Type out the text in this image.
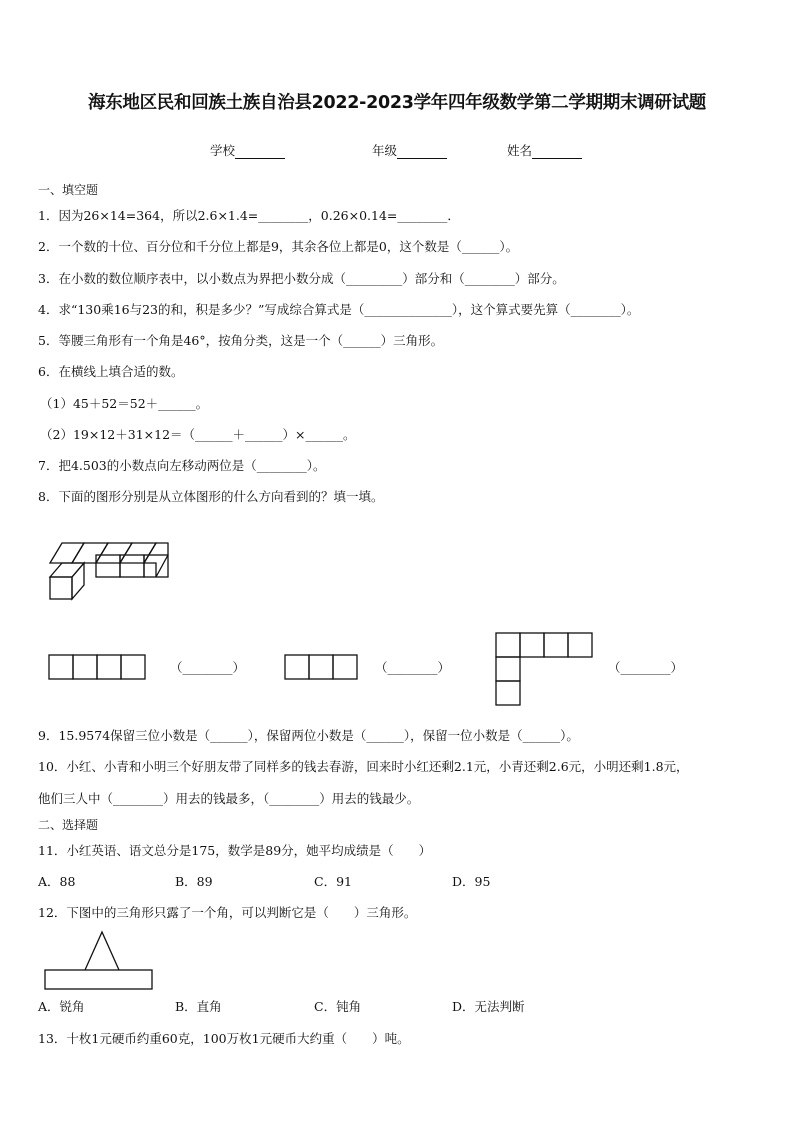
海东地区民和回族土族自治县2022-2023学年四年级数学第二学期期末调研试题
学校	年级	姓名
一、填空题
1．因为26×14=364，所以2.6×1.4=________，0.26×0.14=________．
2．一个数的十位、百分位和千分位上都是9，其余各位上都是0，这个数是（______）。
3．在小数的数位顺序表中，以小数点为界把小数分成（_________）部分和（________）部分。
4．求“130乘16与23的和，积是多少？”写成综合算式是（______________），这个算式要先算（________）。
5．等腰三角形有一个角是46°，按角分类，这是一个（______）三角形。
6．在横线上填合适的数。
（1）45＋52＝52＋______。
（2）19×12＋31×12＝（______＋______）×______。
7．把4.503的小数点向左移动两位是（________）。
8．下面的图形分别是从立体图形的什么方向看到的？填一填。
（________）	（________）	（________）
9．15.9574保留三位小数是（______），保留两位小数是（______），保留一位小数是（______）。
10．小红、小青和小明三个好朋友带了同样多的钱去春游，回来时小红还剩2.1元，小青还剩2.6元，小明还剩1.8元，
他们三人中（________）用去的钱最多，（________）用去的钱最少。
二、选择题
11．小红英语、语文总分是175，数学是89分，她平均成绩是（　　）
A．88	B．89	C．91	D．95
12．下图中的三角形只露了一个角，可以判断它是（　　）三角形。
A．锐角	B．直角	C．钝角	D．无法判断
13．十枚1元硬币约重60克，100万枚1元硬币大约重（　　）吨。
